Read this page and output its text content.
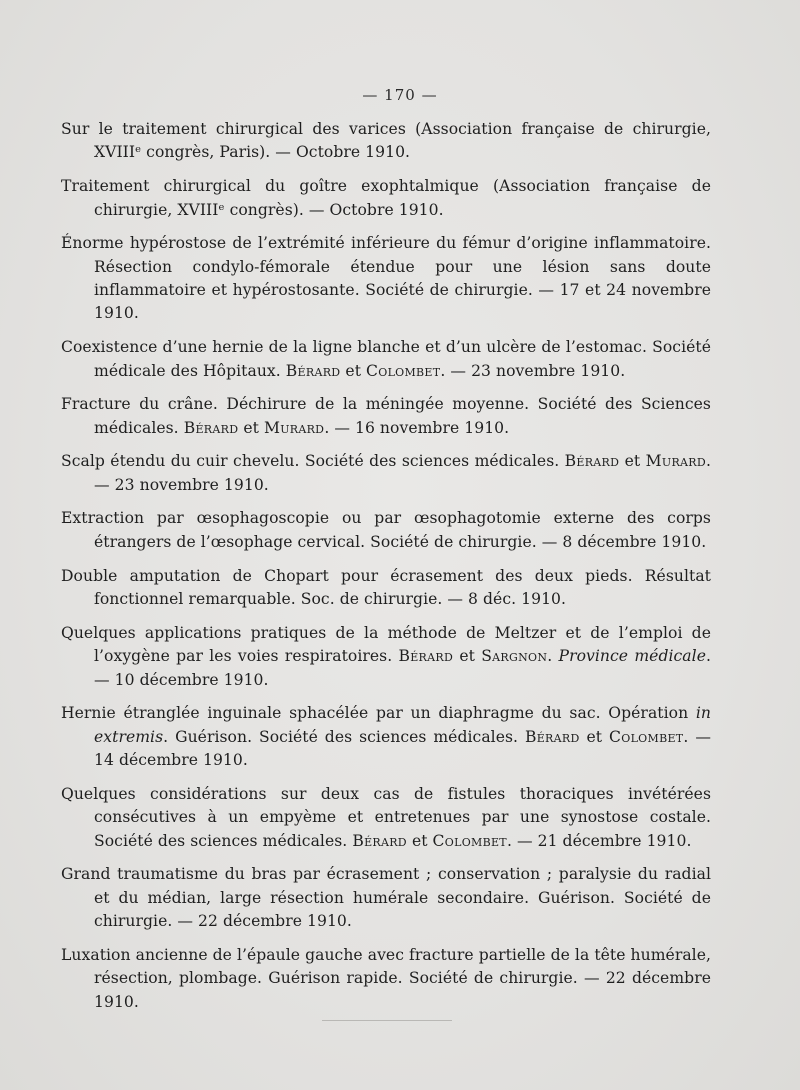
— 170 —
Sur le traitement chirurgical des varices (Association française de chirurgie, XVIIIᵉ congrès, Paris). — Octobre 1910.
Traitement chirurgical du goître exophtalmique (Association française de chirurgie, XVIIIᵉ congrès). — Octobre 1910.
Énorme hypérostose de l’extrémité inférieure du fémur d’origine inflammatoire. Résection condylo-fémorale étendue pour une lésion sans doute inflammatoire et hypérostosante. Société de chirurgie. — 17 et 24 novembre 1910.
Coexistence d’une hernie de la ligne blanche et d’un ulcère de l’estomac. Société médicale des Hôpitaux. Bérard et Colombet. — 23 novembre 1910.
Fracture du crâne. Déchirure de la méningée moyenne. Société des Sciences médicales. Bérard et Murard. — 16 novembre 1910.
Scalp étendu du cuir chevelu. Société des sciences médicales. Bérard et Murard. — 23 novembre 1910.
Extraction par œsophagoscopie ou par œsophagotomie externe des corps étrangers de l’œsophage cervical. Société de chirurgie. — 8 décembre 1910.
Double amputation de Chopart pour écrasement des deux pieds. Résultat fonctionnel remarquable. Soc. de chirurgie. — 8 déc. 1910.
Quelques applications pratiques de la méthode de Meltzer et de l’emploi de l’oxygène par les voies respiratoires. Bérard et Sargnon. Province médicale. — 10 décembre 1910.
Hernie étranglée inguinale sphacélée par un diaphragme du sac. Opération in extremis. Guérison. Société des sciences médicales. Bérard et Colombet. — 14 décembre 1910.
Quelques considérations sur deux cas de fistules thoraciques invétérées consécutives à un empyème et entretenues par une synostose costale. Société des sciences médicales. Bérard et Colombet. — 21 décembre 1910.
Grand traumatisme du bras par écrasement ; conservation ; paralysie du radial et du médian, large résection humérale secondaire. Guérison. Société de chirurgie. — 22 décembre 1910.
Luxation ancienne de l’épaule gauche avec fracture partielle de la tête humérale, résection, plombage. Guérison rapide. Société de chirurgie. — 22 décembre 1910.
